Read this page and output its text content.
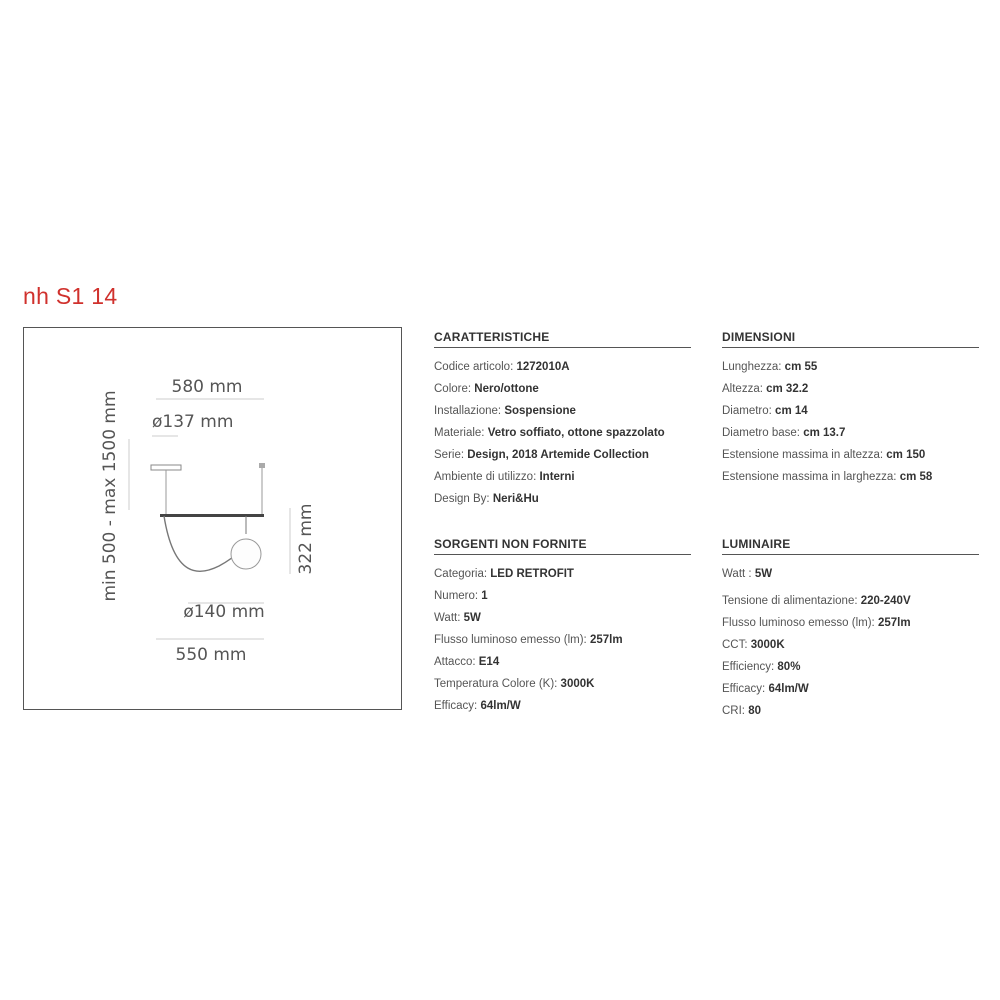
nh S1 14
580 mm
ø137 mm
min 500 - max 1500 mm	322 mm
ø140 mm
550 mm
CARATTERISTICHE
Codice articolo: 1272010A
Colore: Nero/ottone
Installazione: Sospensione
Materiale: Vetro soffiato, ottone spazzolato
Serie: Design, 2018 Artemide Collection
Ambiente di utilizzo: Interni
Design By: Neri&Hu
DIMENSIONI
Lunghezza: cm 55
Altezza: cm 32.2
Diametro: cm 14
Diametro base: cm 13.7
Estensione massima in altezza: cm 150
Estensione massima in larghezza: cm 58
SORGENTI NON FORNITE
Categoria: LED RETROFIT
Numero: 1
Watt: 5W
Flusso luminoso emesso (lm): 257lm
Attacco: E14
Temperatura Colore (K): 3000K
Efficacy: 64lm/W
LUMINAIRE
Watt : 5W
Tensione di alimentazione: 220-240V
Flusso luminoso emesso (lm): 257lm
CCT: 3000K
Efficiency: 80%
Efficacy: 64lm/W
CRI: 80
